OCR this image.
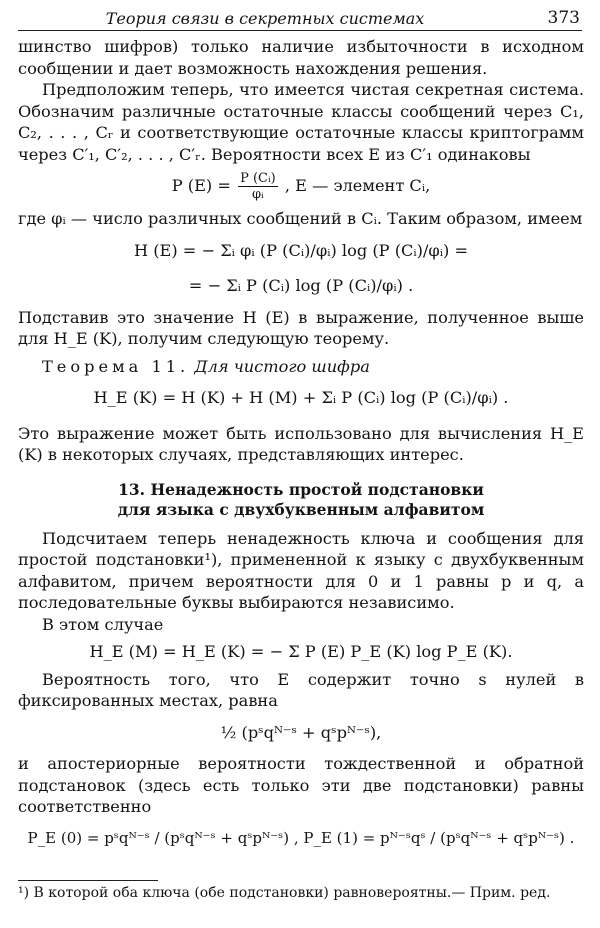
Теория связи в секретных системах	373

шинство шифров) только наличие избыточности в исходном сообщении и дает возможность нахождения решения.

Предположим теперь, что имеется чистая секретная система. Обозначим различные остаточные классы сообщений через C₁, C₂, . . . , Cᵣ и соответствующие остаточные классы криптограмм через C′₁, C′₂, . . . , C′ᵣ. Вероятности всех E из C′₁ одинаковы

P $(E) = \frac{\text{P (Cᵢ)}}{\text{φᵢ}}$ , E — элемент Cᵢ,

где φᵢ — число различных сообщений в Cᵢ. Таким образом, имеем

H (E) = − Σᵢ φᵢ (P (Cᵢ)/φᵢ) log (P (Cᵢ)/φᵢ) =
= − Σᵢ P (Cᵢ) log (P (Cᵢ)/φᵢ) .

Подставив это значение H (E) в выражение, полученное выше для H_E (K), получим следующую теорему.

Теорема 11. Для чистого шифра

H_E (K) = H (K) + H (M) + Σᵢ P (Cᵢ) log (P (Cᵢ)/φᵢ) .

Это выражение может быть использовано для вычисления H_E (K) в некоторых случаях, представляющих интерес.

13. Ненадежность простой подстановки
для языка с двухбуквенным алфавитом

Подсчитаем теперь ненадежность ключа и сообщения для простой подстановки¹), примененной к языку с двухбуквенным алфавитом, причем вероятности для 0 и 1 равны p и q, а последовательные буквы выбираются независимо.

В этом случае

H_E (M) = H_E (K) = − Σ P (E) P_E (K) log P_E (K).

Вероятность того, что E содержит точно s нулей в фиксированных местах, равна

½ (pˢqᴺ⁻ˢ + qˢpᴺ⁻ˢ),

и апостериорные вероятности тождественной и обратной подстановок (здесь есть только эти две подстановки) равны соответственно

P_E (0) = pˢqᴺ⁻ˢ / (pˢqᴺ⁻ˢ + qˢpᴺ⁻ˢ) , P_E (1) = pᴺ⁻ˢqˢ / (pˢqᴺ⁻ˢ + qˢpᴺ⁻ˢ) .
¹) В которой оба ключа (обе подстановки) равновероятны.— Прим. ред.
